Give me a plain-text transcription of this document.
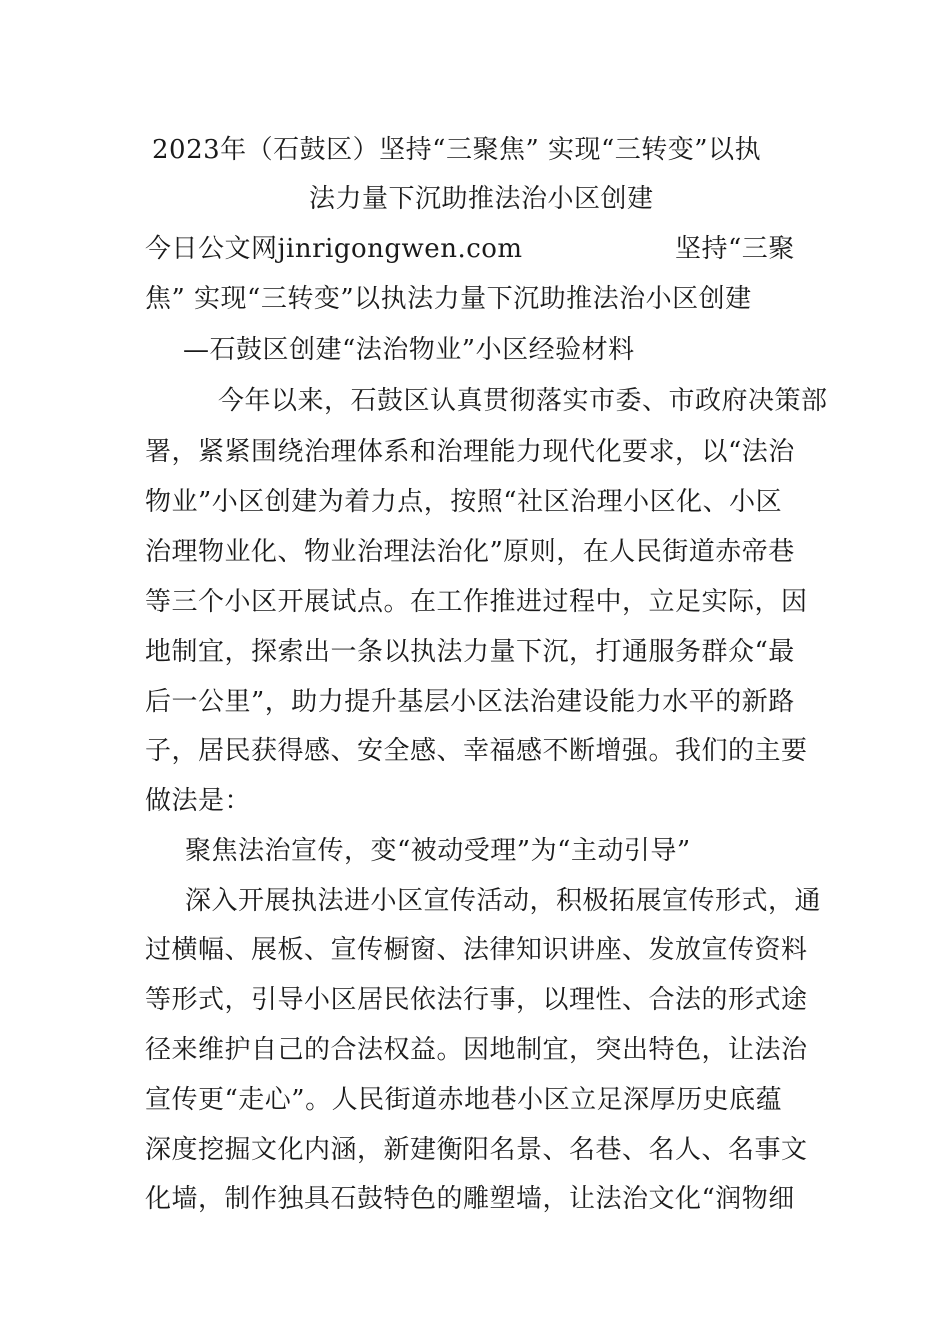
2023年（石鼓区）坚持“三聚焦” 实现“三转变”以执
法力量下沉助推法治小区创建
今日公文网jinrigongwen.com	坚持“三聚
焦” 实现“三转变”以执法力量下沉助推法治小区创建
—石鼓区创建“法治物业”小区经验材料
今年以来，石鼓区认真贯彻落实市委、市政府决策部
署，紧紧围绕治理体系和治理能力现代化要求，以“法治
物业”小区创建为着力点，按照“社区治理小区化、小区
治理物业化、物业治理法治化”原则，在人民街道赤帝巷
等三个小区开展试点。在工作推进过程中，立足实际，因
地制宜，探索出一条以执法力量下沉，打通服务群众“最
后一公里”，助力提升基层小区法治建设能力水平的新路
子，居民获得感、安全感、幸福感不断增强。我们的主要
做法是：
聚焦法治宣传，变“被动受理”为“主动引导”
深入开展执法进小区宣传活动，积极拓展宣传形式，通
过横幅、展板、宣传橱窗、法律知识讲座、发放宣传资料
等形式，引导小区居民依法行事，以理性、合法的形式途
径来维护自己的合法权益。因地制宜，突出特色，让法治
宣传更“走心”。人民街道赤地巷小区立足深厚历史底蕴
深度挖掘文化内涵，新建衡阳名景、名巷、名人、名事文
化墙，制作独具石鼓特色的雕塑墙，让法治文化“润物细
